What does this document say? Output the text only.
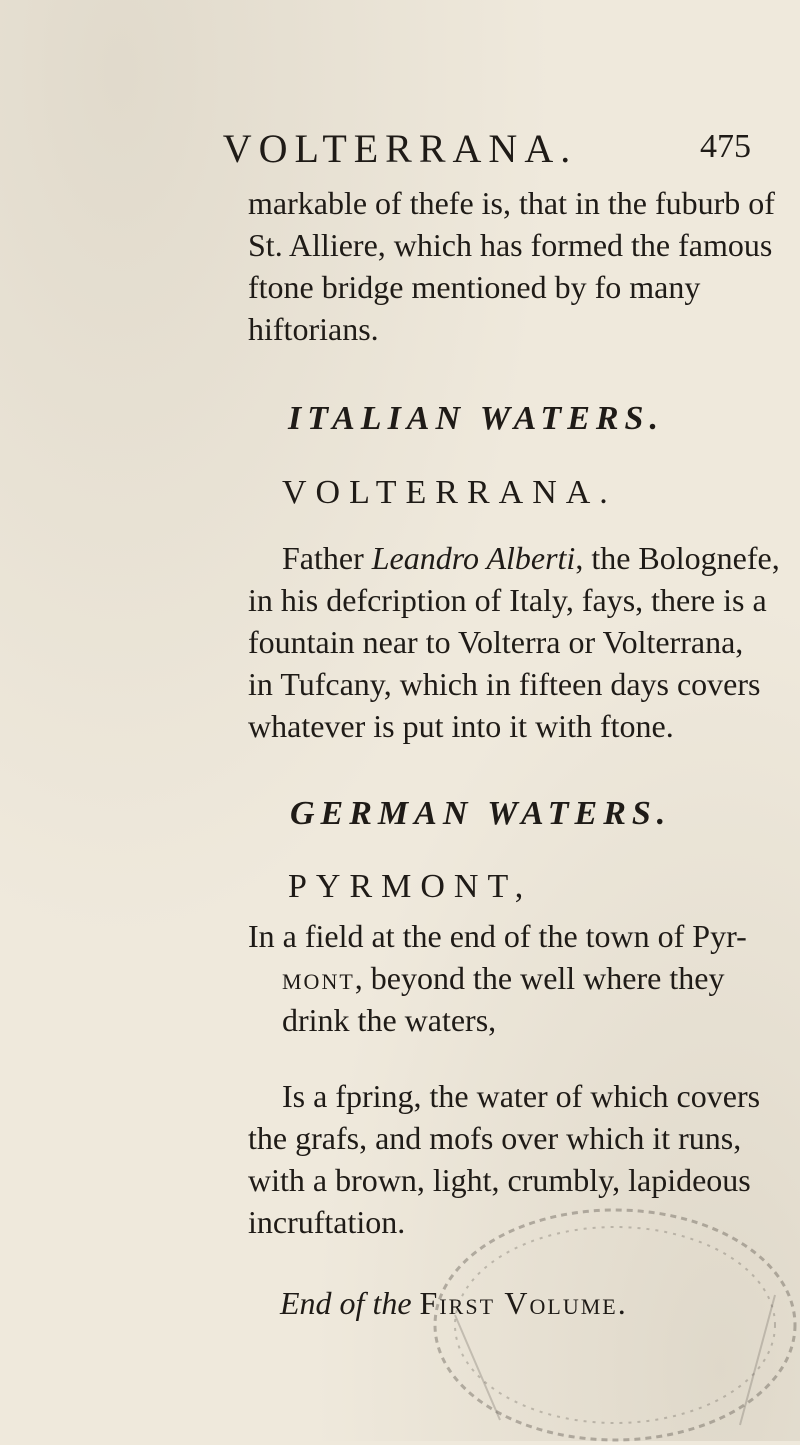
VOLTERRANA.	475
markable of thefe is, that in the fuburb of
St. Alliere, which has formed the famous
ftone bridge mentioned by fo many
hiftorians.
ITALIAN WATERS.
VOLTERRANA.
Father Leandro Alberti, the Bolognefe,
in his defcription of Italy, fays, there is a
fountain near to Volterra or Volterrana,
in Tufcany, which in fifteen days covers
whatever is put into it with ftone.
GERMAN WATERS.
PYRMONT,
In a field at the end of the town of Pyr-
mont, beyond the well where they
drink the waters,
Is a fpring, the water of which covers
the grafs, and mofs over which it runs,
with a brown, light, crumbly, lapideous
incruftation.
End of the First Volume.
